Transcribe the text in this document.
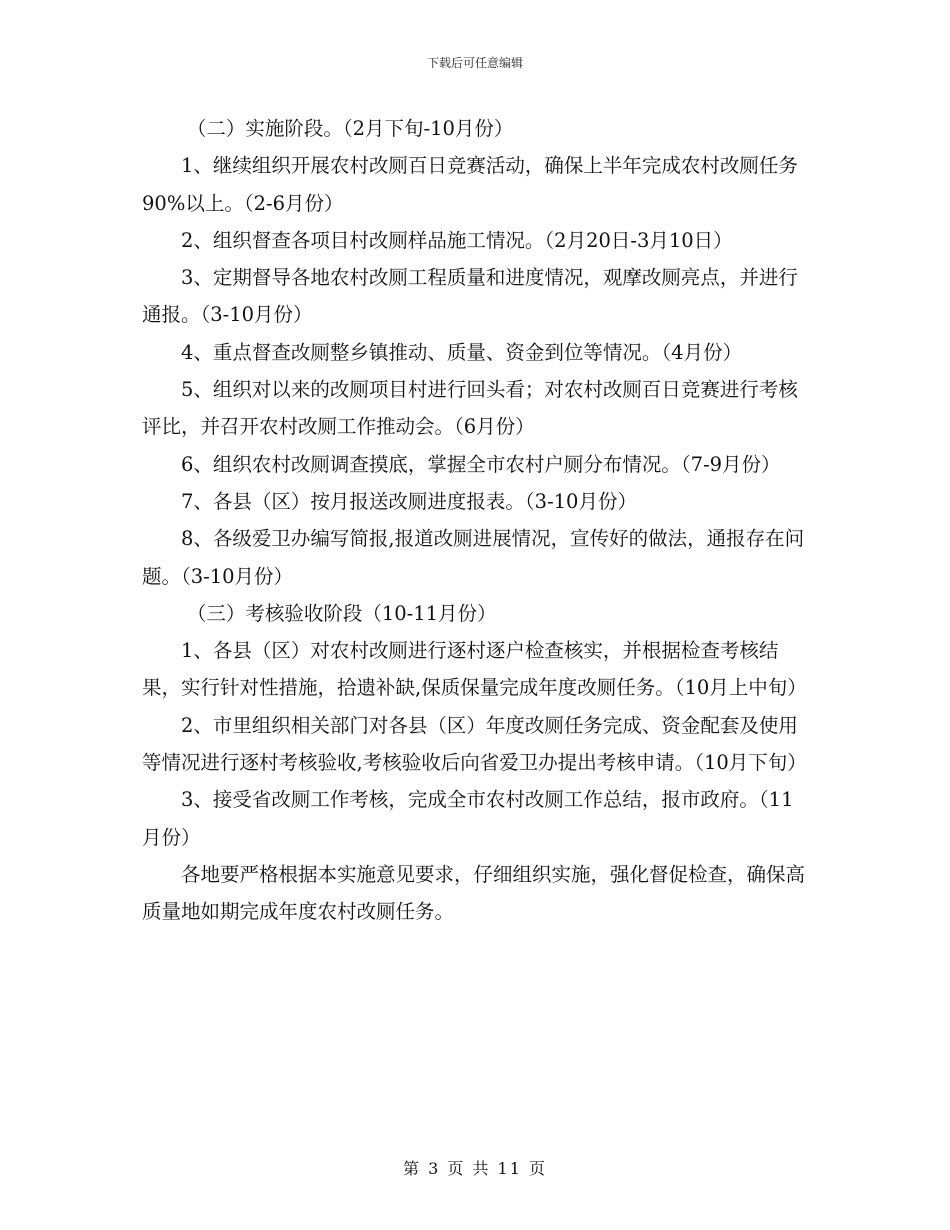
下载后可任意编辑

（二）实施阶段。（2月下旬-10月份）

1、继续组织开展农村改厕百日竞赛活动，确保上半年完成农村改厕任务90%以上。（2-6月份）

2、组织督查各项目村改厕样品施工情况。（2月20日-3月10日）

3、定期督导各地农村改厕工程质量和进度情况，观摩改厕亮点，并进行通报。（3-10月份）

4、重点督查改厕整乡镇推动、质量、资金到位等情况。（4月份）

5、组织对以来的改厕项目村进行回头看；对农村改厕百日竞赛进行考核评比，并召开农村改厕工作推动会。（6月份）

6、组织农村改厕调查摸底，掌握全市农村户厕分布情况。（7-9月份）

7、各县（区）按月报送改厕进度报表。（3-10月份）

8、各级爱卫办编写简报,报道改厕进展情况，宣传好的做法，通报存在问题。（3-10月份）

（三）考核验收阶段（10-11月份）

1、各县（区）对农村改厕进行逐村逐户检查核实，并根据检查考核结果，实行针对性措施，拾遗补缺,保质保量完成年度改厕任务。（10月上中旬）

2、市里组织相关部门对各县（区）年度改厕任务完成、资金配套及使用等情况进行逐村考核验收,考核验收后向省爱卫办提出考核申请。（10月下旬）

3、接受省改厕工作考核，完成全市农村改厕工作总结，报市政府。（11月份）

各地要严格根据本实施意见要求，仔细组织实施，强化督促检查，确保高质量地如期完成年度农村改厕任务。

第 3 页 共 11 页
